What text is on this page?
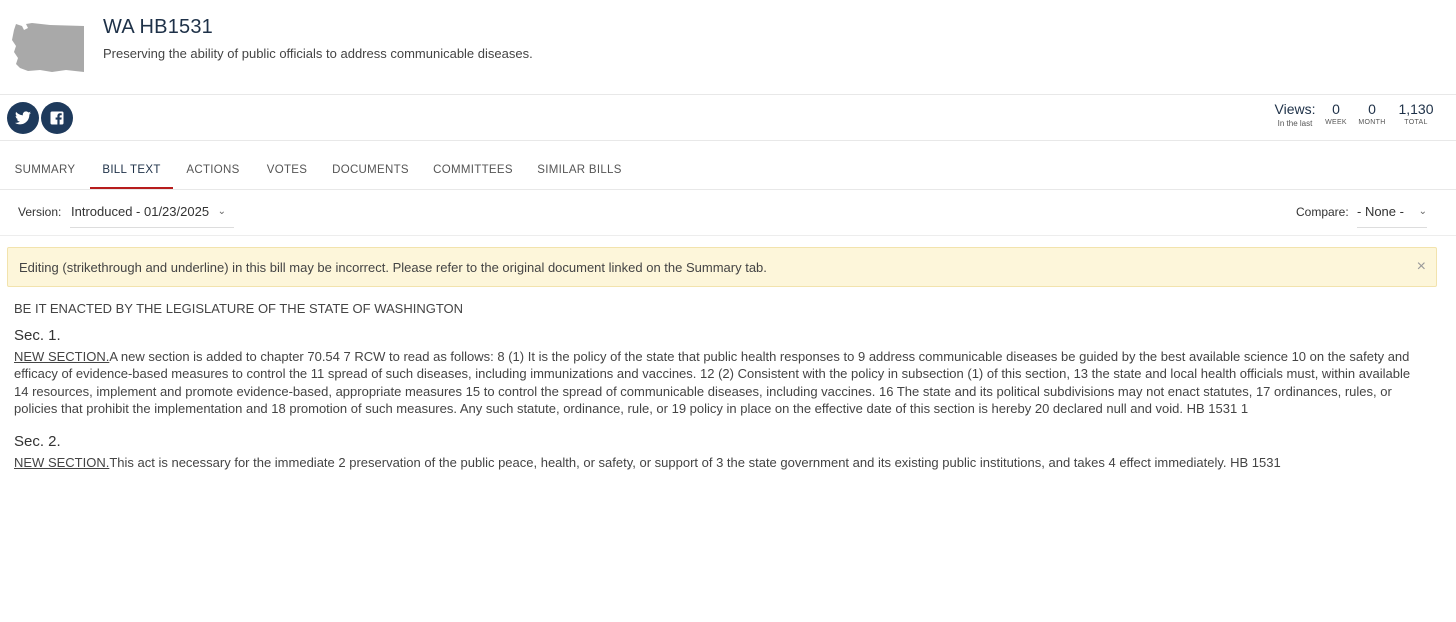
WA HB1531
Preserving the ability of public officials to address communicable diseases.
Views:
In the last
0
WEEK
0
MONTH
1,130
TOTAL
SUMMARY	BILL TEXT	ACTIONS	VOTES	DOCUMENTS	COMMITTEES	SIMILAR BILLS
Version: Introduced - 01/23/2025 ⌄	Compare: - None - ⌄
Editing (strikethrough and underline) in this bill may be incorrect. Please refer to the original document linked on the Summary tab.	×
BE IT ENACTED BY THE LEGISLATURE OF THE STATE OF WASHINGTON
Sec. 1.
NEW SECTION.A new section is added to chapter 70.54 7 RCW to read as follows: 8 (1) It is the policy of the state that public health responses to 9 address communicable diseases be guided by the best available science 10 on the safety and efficacy of evidence-based measures to control the 11 spread of such diseases, including immunizations and vaccines. 12 (2) Consistent with the policy in subsection (1) of this section, 13 the state and local health officials must, within available 14 resources, implement and promote evidence-based, appropriate measures 15 to control the spread of communicable diseases, including vaccines. 16 The state and its political subdivisions may not enact statutes, 17 ordinances, rules, or policies that prohibit the implementation and 18 promotion of such measures. Any such statute, ordinance, rule, or 19 policy in place on the effective date of this section is hereby 20 declared null and void. HB 1531 1
Sec. 2.
NEW SECTION.This act is necessary for the immediate 2 preservation of the public peace, health, or safety, or support of 3 the state government and its existing public institutions, and takes 4 effect immediately. HB 1531
